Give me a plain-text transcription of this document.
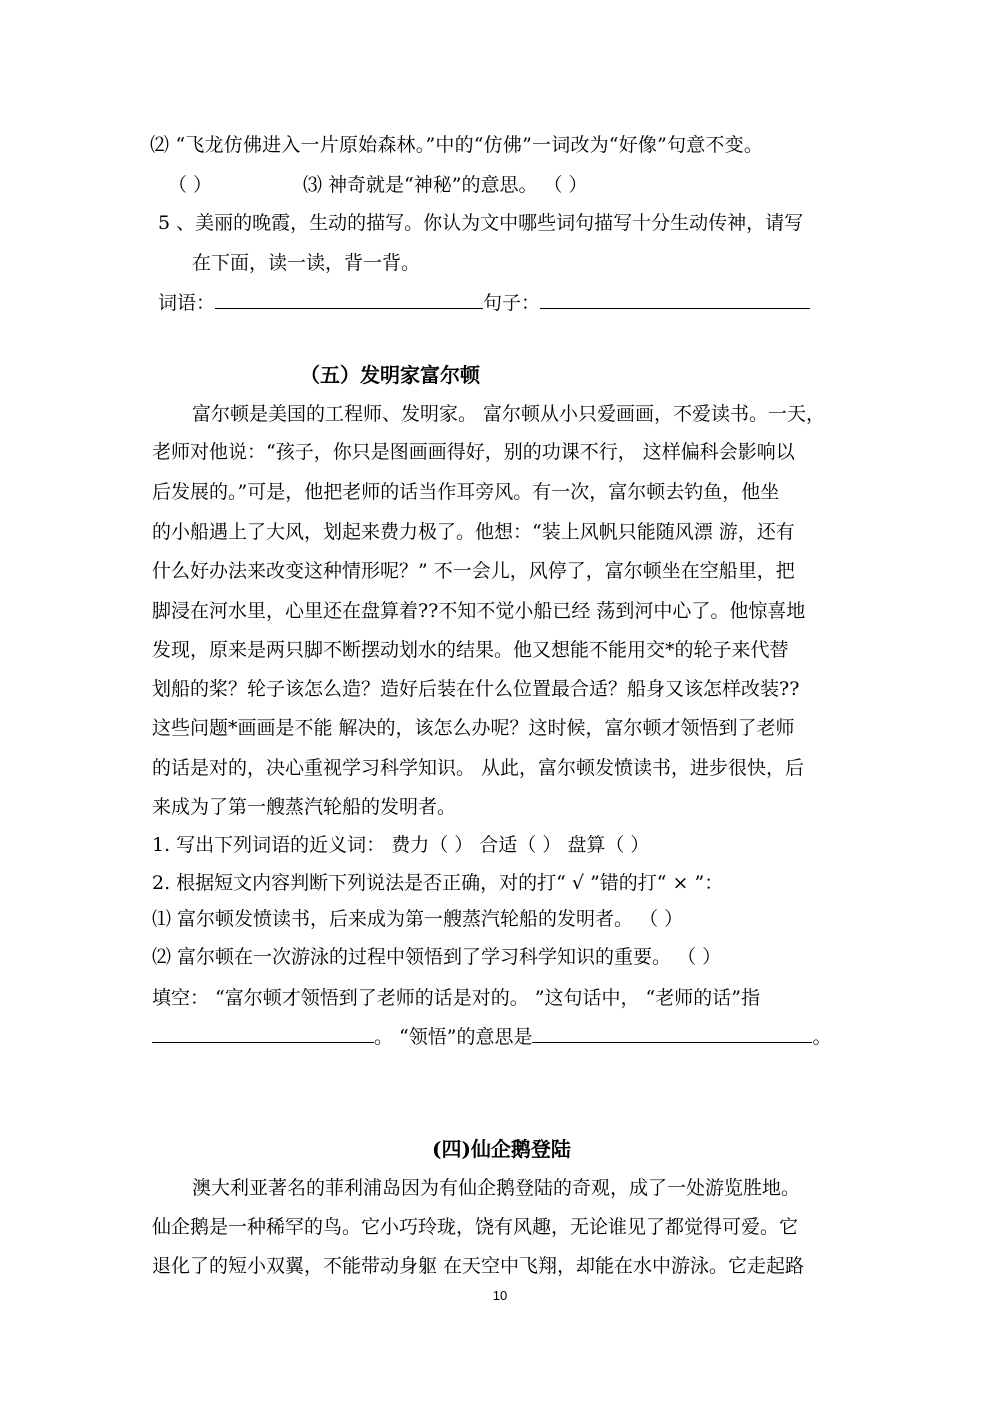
⑵ “飞龙仿佛进入一片原始森林。”中的“仿佛”一词改为“好像”句意不变。
（ ）	⑶ 神奇就是“神秘”的意思。 （ ）
5 、美丽的晚霞，生动的描写。你认为文中哪些词句描写十分生动传神，请写
在下面，读一读，背一背。
词语：	句子：
（五）发明家富尔顿
富尔顿是美国的工程师、发明家。 富尔顿从小只爱画画，不爱读书。一天，
老师对他说：“孩子，你只是图画画得好，别的功课不行， 这样偏科会影响以
后发展的。”可是，他把老师的话当作耳旁风。有一次，富尔顿去钓鱼，他坐
的小船遇上了大风，划起来费力极了。他想：“装上风帆只能随风漂 游，还有
什么好办法来改变这种情形呢？” 不一会儿，风停了，富尔顿坐在空船里，把
脚浸在河水里，心里还在盘算着??不知不觉小船已经 荡到河中心了。他惊喜地
发现，原来是两只脚不断摆动划水的结果。他又想能不能用交*的轮子来代替
划船的桨？轮子该怎么造？造好后装在什么位置最合适？船身又该怎样改装??
这些问题*画画是不能 解决的，该怎么办呢？这时候，富尔顿才领悟到了老师
的话是对的，决心重视学习科学知识。 从此，富尔顿发愤读书，进步很快，后
来成为了第一艘蒸汽轮船的发明者。
1. 写出下列词语的近义词： 费力（ ） 合适（ ） 盘算（ ）
2. 根据短文内容判断下列说法是否正确，对的打“ √ ”错的打“ × ”：
⑴ 富尔顿发愤读书，后来成为第一艘蒸汽轮船的发明者。 （ ）
⑵ 富尔顿在一次游泳的过程中领悟到了学习科学知识的重要。 （ ）
填空： “富尔顿才领悟到了老师的话是对的。 ”这句话中， “老师的话”指
。 “领悟”的意思是	。
(四)仙企鹅登陆
澳大利亚著名的菲利浦岛因为有仙企鹅登陆的奇观，成了一处游览胜地。
仙企鹅是一种稀罕的鸟。它小巧玲珑，饶有风趣，无论谁见了都觉得可爱。它
退化了的短小双翼，不能带动身躯 在天空中飞翔，却能在水中游泳。它走起路
10
